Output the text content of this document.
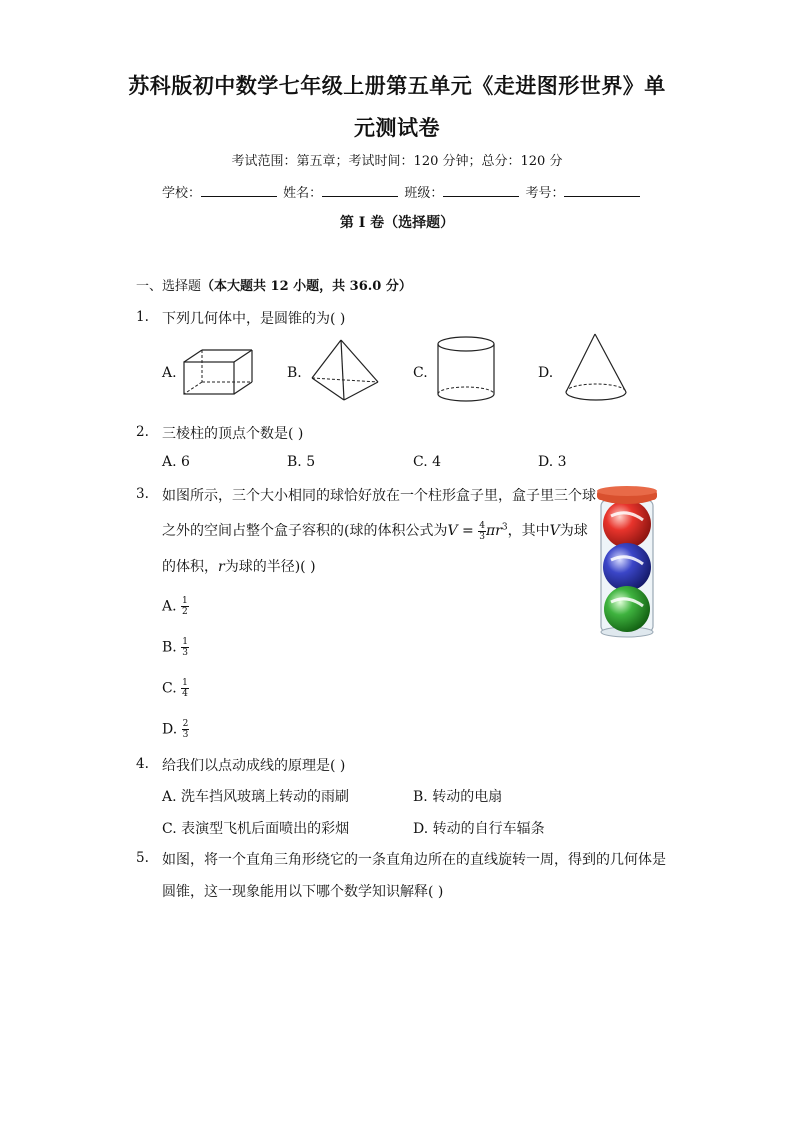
苏科版初中数学七年级上册第五单元《走进图形世界》单
元测试卷
考试范围：第五章；考试时间：120 分钟；总分：120 分
学校：	姓名：	班级：	考号：
第 I 卷（选择题）
一、选择题（本大题共 12 小题，共 36.0 分）
1. 下列几何体中，是圆锥的为( )
A.	B.	C.	D.
2. 三棱柱的顶点个数是( )
A. 6	B. 5	C. 4	D. 3
3. 如图所示，三个大小相同的球恰好放在一个柱形盒子里，盒子里三个球
之外的空间占整个盒子容积的(球的体积公式为$V = \frac{4}{3} \pi r^3$，其中V为球
的体积，r为球的半径)( )
A. $\frac{1}{2}$
B. $\frac{1}{3}$
C. $\frac{1}{4}$
D. $\frac{2}{3}$
4. 给我们以点动成线的原理是( )
A. 洗车挡风玻璃上转动的雨刷	B. 转动的电扇
C. 表演型飞机后面喷出的彩烟	D. 转动的自行车辐条
5. 如图，将一个直角三角形绕它的一条直角边所在的直线旋转一周，得到的几何体是
圆锥，这一现象能用以下哪个数学知识解释( )
